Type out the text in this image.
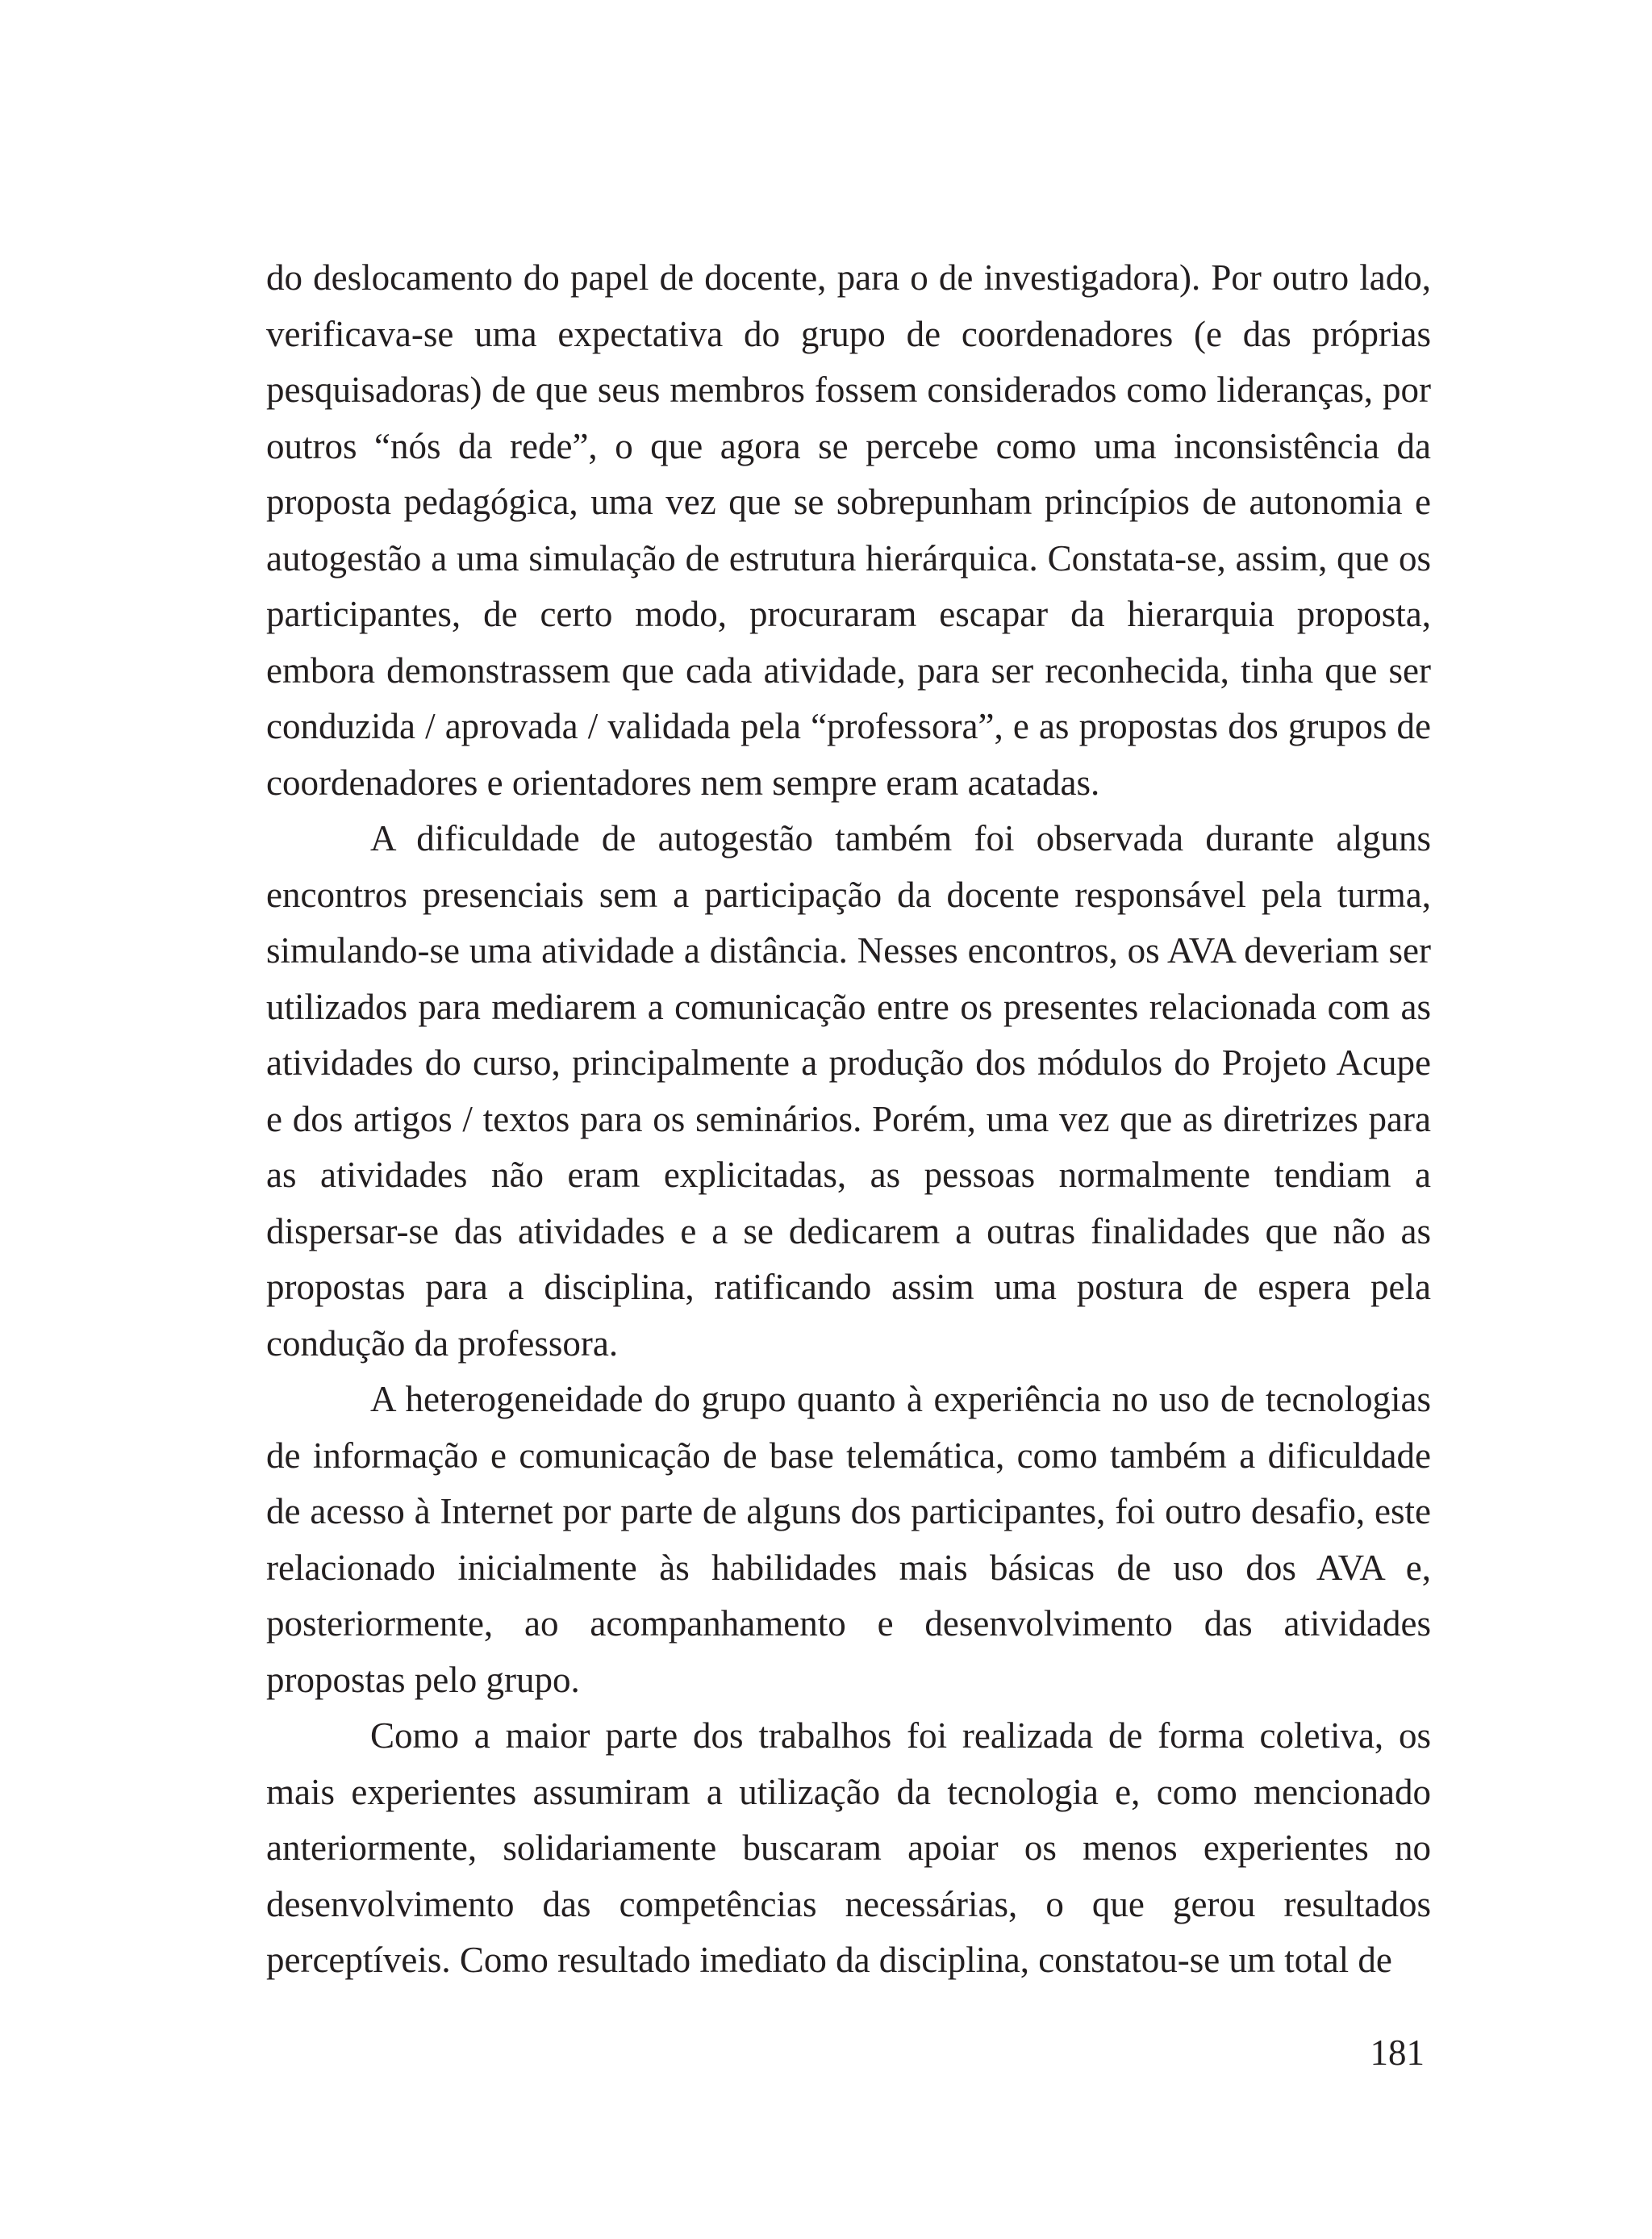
do deslocamento do papel de docente, para o de investigadora). Por outro lado, verificava-se uma expectativa do grupo de coordenadores (e das próprias pesquisadoras) de que seus membros fossem considerados como lideranças, por outros “nós da rede”, o que agora se percebe como uma inconsistência da proposta pedagógica, uma vez que se sobrepunham princípios de autonomia e autogestão a uma simulação de estrutura hierárquica. Constata-se, assim, que os participantes, de certo modo, procuraram escapar da hierarquia proposta, embora demonstrassem que cada atividade, para ser reconhecida, tinha que ser conduzida / aprovada / validada pela “professora”, e as propostas dos grupos de coordenadores e orientadores nem sempre eram acatadas.

A dificuldade de autogestão também foi observada durante alguns encontros presenciais sem a participação da docente responsável pela turma, simulando-se uma atividade a distância. Nesses encontros, os AVA deveriam ser utilizados para mediarem a comunicação entre os presentes relacionada com as atividades do curso, principalmente a produção dos módulos do Projeto Acupe e dos artigos / textos para os seminários. Porém, uma vez que as diretrizes para as atividades não eram explicitadas, as pessoas normalmente tendiam a dispersar-se das atividades e a se dedicarem a outras finalidades que não as propostas para a disciplina, ratificando assim uma postura de espera pela condução da professora.

A heterogeneidade do grupo quanto à experiência no uso de tecnologias de informação e comunicação de base telemática, como também a dificuldade de acesso à Internet por parte de alguns dos participantes, foi outro desafio, este relacionado inicialmente às habilidades mais básicas de uso dos AVA e, posteriormente, ao acompanhamento e desenvolvimento das atividades propostas pelo grupo.

Como a maior parte dos trabalhos foi realizada de forma coletiva, os mais experientes assumiram a utilização da tecnologia e, como mencionado anteriormente, solidariamente buscaram apoiar os menos experientes no desenvolvimento das competências necessárias, o que gerou resultados perceptíveis. Como resultado imediato da disciplina, constatou-se um total de

181
